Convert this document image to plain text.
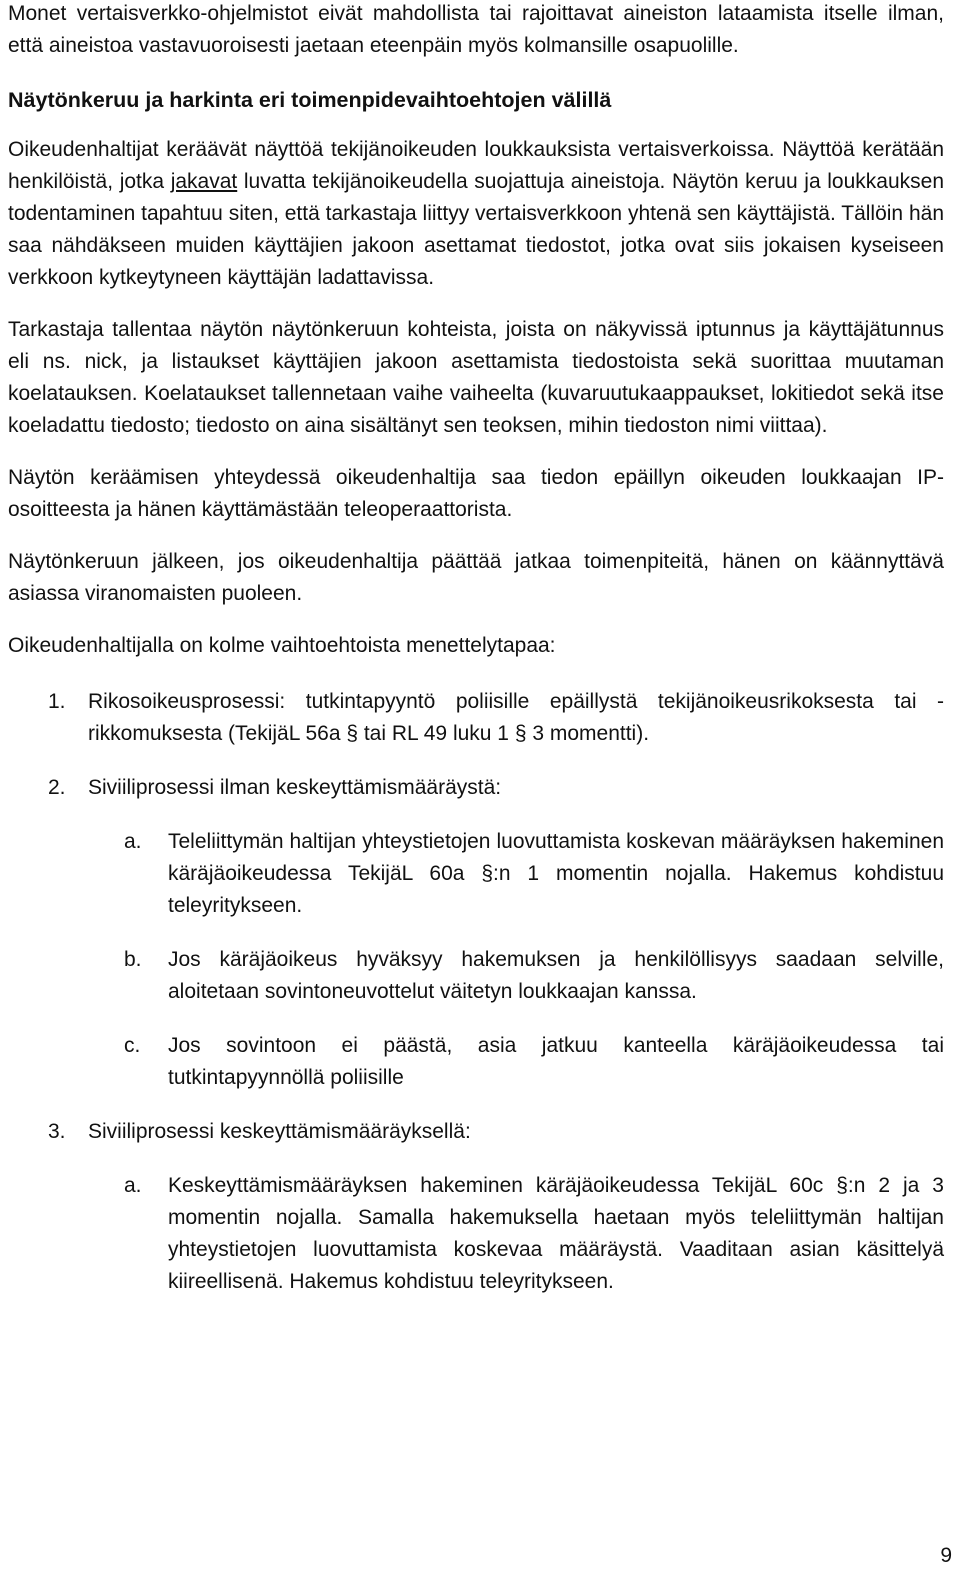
Monet vertaisverkko-ohjelmistot eivät mahdollista tai rajoittavat aineiston lataamista itselle ilman, että aineistoa vastavuoroisesti jaetaan eteenpäin myös kolmansille osapuolille.

Näytönkeruu ja harkinta eri toimenpidevaihtoehtojen välillä

Oikeudenhaltijat keräävät näyttöä tekijänoikeuden loukkauksista vertaisverkoissa. Näyttöä kerätään henkilöistä, jotka jakavat luvatta tekijänoikeudella suojattuja aineistoja. Näytön keruu ja loukkauksen todentaminen tapahtuu siten, että tarkastaja liittyy vertaisverkkoon yhtenä sen käyttäjistä. Tällöin hän saa nähdäkseen muiden käyttäjien jakoon asettamat tiedostot, jotka ovat siis jokaisen kyseiseen verkkoon kytkeytyneen käyttäjän ladattavissa.

Tarkastaja tallentaa näytön näytönkeruun kohteista, joista on näkyvissä iptunnus ja käyttäjätunnus eli ns. nick, ja listaukset käyttäjien jakoon asettamista tiedostoista sekä suorittaa muutaman koelatauksen. Koelataukset tallennetaan vaihe vaiheelta (kuvaruutukaappaukset, lokitiedot sekä itse koeladattu tiedosto; tiedosto on aina sisältänyt sen teoksen, mihin tiedoston nimi viittaa).

Näytön keräämisen yhteydessä oikeudenhaltija saa tiedon epäillyn oikeuden loukkaajan IP-osoitteesta ja hänen käyttämästään teleoperaattorista.

Näytönkeruun jälkeen, jos oikeudenhaltija päättää jatkaa toimenpiteitä, hänen on käännyttävä asiassa viranomaisten puoleen.

Oikeudenhaltijalla on kolme vaihtoehtoista menettelytapaa:

1. Rikosoikeusprosessi: tutkintapyyntö poliisille epäillystä tekijänoikeusrikoksesta tai -rikkomuksesta (TekijäL 56a § tai RL 49 luku 1 § 3 momentti).

2. Siviiliprosessi ilman keskeyttämismääräystä:

a. Teleliittymän haltijan yhteystietojen luovuttamista koskevan määräyksen hakeminen käräjäoikeudessa TekijäL 60a §:n 1 momentin nojalla. Hakemus kohdistuu teleyritykseen.

b. Jos käräjäoikeus hyväksyy hakemuksen ja henkilöllisyys saadaan selville, aloitetaan sovintoneuvottelut väitetyn loukkaajan kanssa.

c. Jos sovintoon ei päästä, asia jatkuu kanteella käräjäoikeudessa tai tutkintapyynnöllä poliisille

3. Siviiliprosessi keskeyttämismääräyksellä:

a. Keskeyttämismääräyksen hakeminen käräjäoikeudessa TekijäL 60c §:n 2 ja 3 momentin nojalla. Samalla hakemuksella haetaan myös teleliittymän haltijan yhteystietojen luovuttamista koskevaa määräystä. Vaaditaan asian käsittelyä kiireellisenä. Hakemus kohdistuu teleyritykseen.

9
